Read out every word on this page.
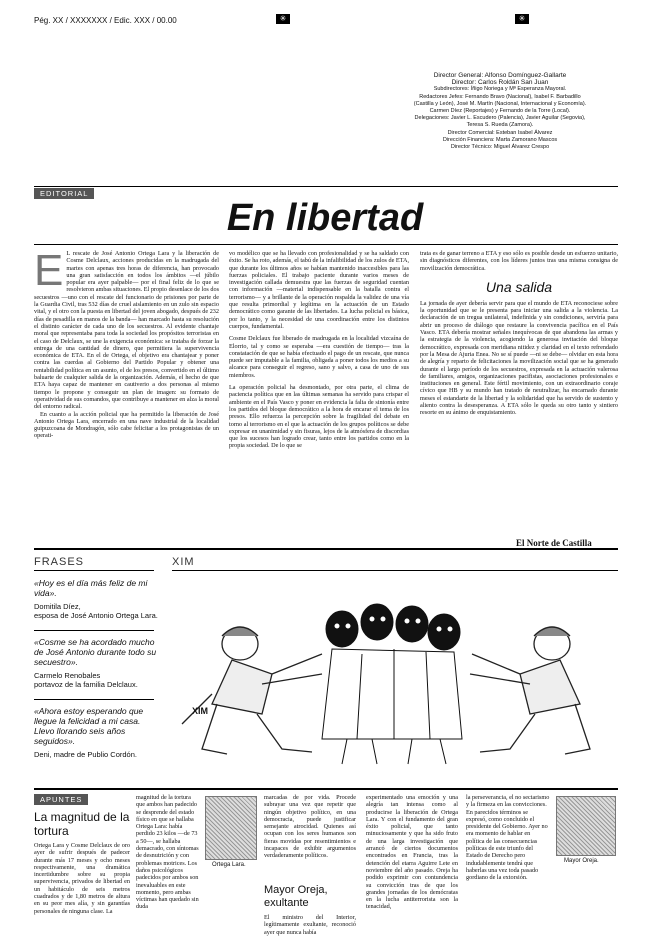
Pég. XX / XXXXXXX / Edic. XXX / 00.00	✳	✳
Director General: Alfonso Domínguez-Gallarte
Director: Carlos Roldán San Juan
Subdirectores: Íñigo Noriega y Mª Esperanza Mayoral.
Redactores Jefes: Fernando Bravo (Nacional), Isabel F. Barbadillo
(Castilla y León), José M. Martín (Nacional, Internacional y Economía).
Carmen Díez (Reportajes) y Fernando de la Torre (Local).
Delegaciones: Javier L. Escudero (Palencia), Javier Aguilar (Segovia),
Teresa S. Rueda (Zamora).
Director Comercial: Esteban Isabel Álvarez
Dirección Financiera: Marta Zamorano Mascos
Director Técnico: Miguel Álvarez Crespo
EDITORIAL
En libertad
E L rescate de José Antonio Ortega Lara y la liberación de Cosme Delclaux, acciones producidas en la madrugada del martes con apenas tres horas de diferencia, han provocado una gran satisfacción en todos los ámbitos —el júbilo popular era ayer palpable— por el final feliz de lo que se resolvieron ambas situaciones. El propio desenlace de los dos secuestros —uno con el rescate del funcionario de prisiones por parte de la Guardia Civil, tras 532 días de cruel aislamiento en un zulo sin espacio vital, y el otro con la puesta en libertad del joven abogado, después de 232 días de pesadilla en manos de la banda— han marcado hasta su resolución el distinto carácter de cada uno de los secuestros. Al evidente chantaje moral que representaba para toda la sociedad los propósitos terroristas en el caso de Delclaux, se une la exigencia económica: se trataba de forzar la entrega de una cantidad de dinero, que permitiera la supervivencia económica de ETA. En el de Ortega, el objetivo era chantajear y poner contra las cuerdas al Gobierno del Partido Popular y obtener una rentabilidad política en un asunto, el de los presos, convertido en el último baluarte de cualquier salida de la organización. Además, el hecho de que ETA haya capaz de mantener en cautiverio a dos personas al mismo tiempo le propone y conseguir un plan de imagen: su formato de operatividad de sus comandos, que contribuye a mantener en alza la moral del entorno radical.
En cuanto a la acción policial que ha permitido la liberación de José Antonio Ortega Lara, encerrado en una nave industrial de la localidad guipuzcoana de Mondragón, sólo cabe felicitar a los protagonistas de un operati-
vo modélico que se ha llevado con profesionalidad y se ha saldado con éxito. Se ha roto, además, el tabú de la infalibilidad de los zulos de ETA, que durante los últimos años se habían mantenido inaccesibles para las fuerzas policiales. El trabajo paciente durante varios meses de investigación callada demuestra que las fuerzas de seguridad cuentan con información —material indispensable en la batalla contra el terrorismo— y a brillante de la operación respalda la validez de una vía que resulta primordial y legítima en la actuación de un Estado democrático como garante de las libertades. La lucha policial es básica, por lo tanto, y la necesidad de una coordinación entre los distintos cuerpos, fundamental.
Cosme Delclaux fue liberado de madrugada en la localidad vizcaína de Elorrio, tal y como se esperaba —era cuestión de tiempo— tras la constatación de que se había efectuado el pago de un rescate, que nunca puede ser imputable a la familia, obligada a poner todos los medios a su alcance para conseguir el regreso, sano y salvo, a casa de uno de sus miembros.
La operación policial ha desmontado, por otra parte, el clima de paciencia política que en las últimas semanas ha servido para crispar el ambiente en el País Vasco y poner en evidencia la falta de sintonía entre los partidos del bloque democrático a la hora de encarar el tema de los presos. Ello refuerza la percepción sobre la fragilidad del debate en torno al terrorismo en el que la actuación de los grupos políticos se debe expresar en unanimidad y sin fisuras, lejos de la atmósfera de discordias que los sucesos han logrado crear, tanto entre los partidos como en la propia sociedad. De lo que se
trata es de ganar terreno a ETA y eso sólo es posible desde un esfuerzo unitario, sin diagnósticos diferentes, con los líderes juntos tras una misma consigna de movilización democrática.
Una salida
La jornada de ayer debería servir para que el mundo de ETA reconociese sobre la oportunidad que se le presenta para iniciar una salida a la violencia. La declaración de un tregua unilateral, indefinida y sin condiciones, serviría para abrir un proceso de diálogo que restaure la convivencia pacífica en el País Vasco. ETA debería mostrar señales inequívocas de que abandona las armas y la estrategia de la violencia, acogiendo la generosa invitación del bloque democrático, expresada con meridiana nitidez y claridad en el texto refrendado por la Mesa de Ajuria Enea. No se sí puede —ni se debe— olvidar en esta hora de alegría y reparto de felicitaciones la movilización social que se ha generado durante el largo período de los secuestros, expresada en la actuación valerosa de familiares, amigos, organizaciones pacifistas, asociaciones profesionales e instituciones en general. Este fértil movimiento, con un extraordinario coraje cívico que HB y su mundo han tratado de neutralizar, ha encarnado durante meses el estandarte de la libertad y la solidaridad que ha servido de sustento y aliento contra la desesperanza. A ETA sólo le queda su otro tanto y sintiero resorte en su ánimo de enquistamiento.
El Norte de Castilla
FRASES
«Hoy es el día más feliz de mi vida».
Domitila Díez,
esposa de José Antonio Ortega Lara.
«Cosme se ha acordado mucho de José Antonio durante todo su secuestro».
Carmelo Renobales
portavoz de la familia Delclaux.
«Ahora estoy esperando que llegue la felicidad a mi casa. Llevo llorando seis años seguidos».
Deni, madre de Publio Cordón.
XIM
XIM
APUNTES
La magnitud de la tortura
Ortega Lara y Cosme Delclaux de oro ayer de sufrir después de padecer durante más 17 meses y ocho meses respectivamente, una dramática incertidumbre sobre su propia supervivencia, privados de libertad en un habitáculo de seis metros cuadrados y de 1,80 metros de altura en su peor mes alía, y sin garantías personales de ninguna clase. La
magnitud de la tortura que ambos han padecido se desprende del estado físico en que se hallaba Ortega Lara: había perdido 23 kilos —de 73 a 50—, se hallaba demacrado, con síntomas de desnutrición y con problemas motrices. Los daños psicológicos padecidos por ambos son inevaluables en este momento, pero ambas víctimas han quedado sin duda
Ortega Lara.
marcadas de por vida. Procede subrayar una vez que repetir que ningún objetivo político, en una democracia, puede justificar semejante atrocidad. Quienes así ocupan con los seres humanos son fieras movidas por resentimientos e incapaces de exhibir argumentos verdaderamente políticos.
Mayor Oreja, exultante
El ministro del Interior, legítimamente exultante, reconoció ayer que nunca había
experimentado una emoción y una alegría tan intensa como al producirse la liberación de Ortega Lara. Y con el fundamento del gran éxito policial, que tanto minuciosamente y que ha sido fruto de una larga investigación que arrancó de ciertos documentos encontrados en Francia, tras la detención del etarra Aguirre Lete en noviembre del año pasado. Oreja ha podido exprimir con contundencia su convicción tras de que los grandes jornadas de los demócratas en la lucha antiterrorista son la tenacidad,
la perseverancia, el no sectarismo y la firmeza en las convicciones. En parecidos términos se expresó, como concluido el presidente del Gobierno. Ayer no era momento de hablar en política de las consecuencias políticas de este triunfo del Estado de Derecho pero indudablemente tendrá que haberlas una vez toda pasado gordiano de la extorsión.
Mayor Oreja.
